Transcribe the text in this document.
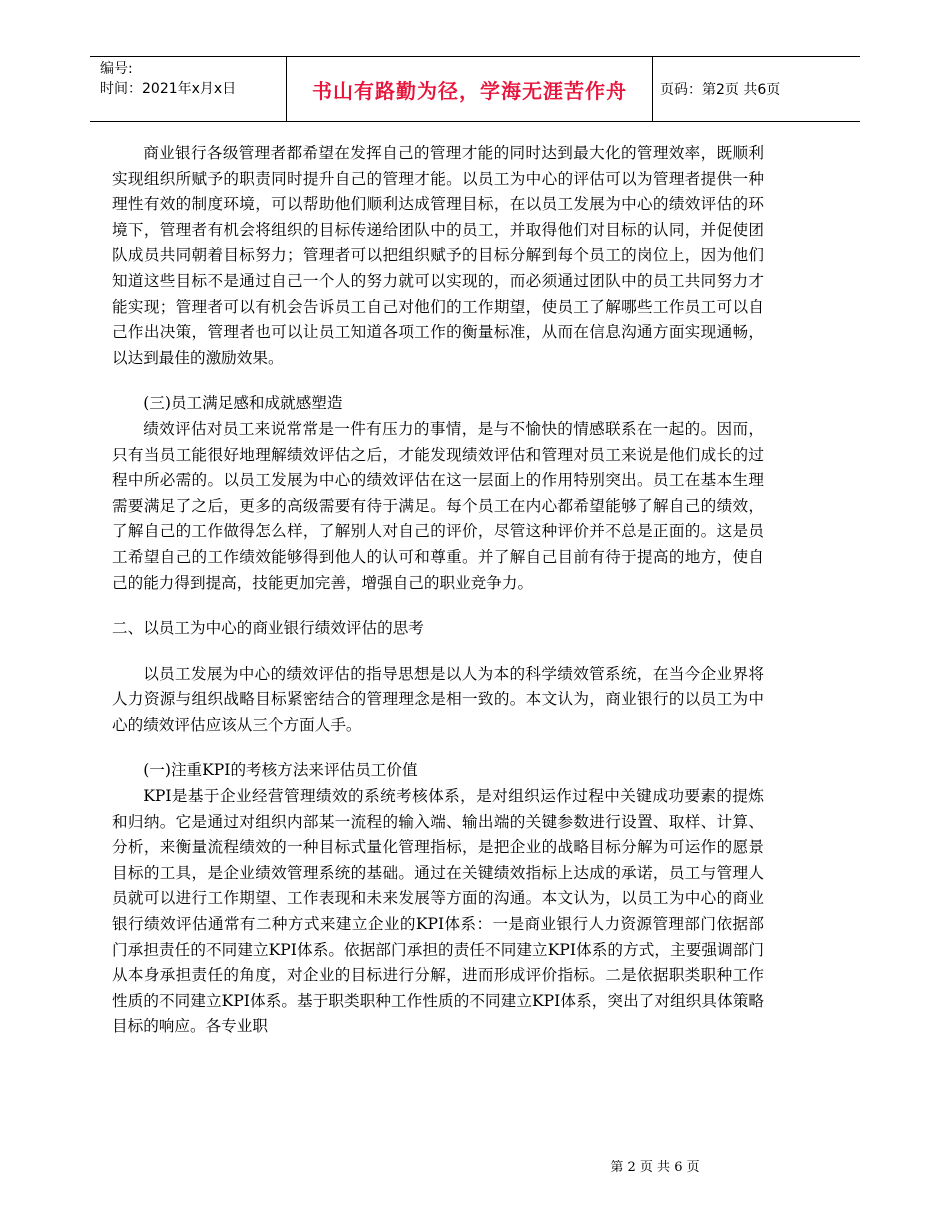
编号:
时间：2021年x月x日	书山有路勤为径，学海无涯苦作舟	页码：第2页 共6页

商业银行各级管理者都希望在发挥自己的管理才能的同时达到最大化的管理效率，既顺利实现组织所赋予的职责同时提升自己的管理才能。以员工为中心的评估可以为管理者提供一种理性有效的制度环境，可以帮助他们顺利达成管理目标，在以员工发展为中心的绩效评估的环境下，管理者有机会将组织的目标传递给团队中的员工，并取得他们对目标的认同，并促使团队成员共同朝着目标努力；管理者可以把组织赋予的目标分解到每个员工的岗位上，因为他们知道这些目标不是通过自己一个人的努力就可以实现的，而必须通过团队中的员工共同努力才能实现；管理者可以有机会告诉员工自己对他们的工作期望，使员工了解哪些工作员工可以自己作出决策，管理者也可以让员工知道各项工作的衡量标准，从而在信息沟通方面实现通畅，以达到最佳的激励效果。

(三)员工满足感和成就感塑造

绩效评估对员工来说常常是一件有压力的事情，是与不愉快的情感联系在一起的。因而，只有当员工能很好地理解绩效评估之后，才能发现绩效评估和管理对员工来说是他们成长的过程中所必需的。以员工发展为中心的绩效评估在这一层面上的作用特别突出。员工在基本生理需要满足了之后，更多的高级需要有待于满足。每个员工在内心都希望能够了解自己的绩效，了解自己的工作做得怎么样，了解别人对自己的评价，尽管这种评价并不总是正面的。这是员工希望自己的工作绩效能够得到他人的认可和尊重。并了解自己目前有待于提高的地方，使自己的能力得到提高，技能更加完善，增强自己的职业竞争力。

二、以员工为中心的商业银行绩效评估的思考

以员工发展为中心的绩效评估的指导思想是以人为本的科学绩效管系统，在当今企业界将人力资源与组织战略目标紧密结合的管理理念是相一致的。本文认为，商业银行的以员工为中心的绩效评估应该从三个方面人手。

(一)注重KPI的考核方法来评估员工价值

KPI是基于企业经营管理绩效的系统考核体系，是对组织运作过程中关键成功要素的提炼和归纳。它是通过对组织内部某一流程的输入端、输出端的关键参数进行设置、取样、计算、分析，来衡量流程绩效的一种目标式量化管理指标，是把企业的战略目标分解为可运作的愿景目标的工具，是企业绩效管理系统的基础。通过在关键绩效指标上达成的承诺，员工与管理人员就可以进行工作期望、工作表现和未来发展等方面的沟通。本文认为，以员工为中心的商业银行绩效评估通常有二种方式来建立企业的KPI体系：一是商业银行人力资源管理部门依据部门承担责任的不同建立KPI体系。依据部门承担的责任不同建立KPI体系的方式，主要强调部门从本身承担责任的角度，对企业的目标进行分解，进而形成评价指标。二是依据职类职种工作性质的不同建立KPI体系。基于职类职种工作性质的不同建立KPI体系，突出了对组织具体策略目标的响应。各专业职

第 2 页 共 6 页
